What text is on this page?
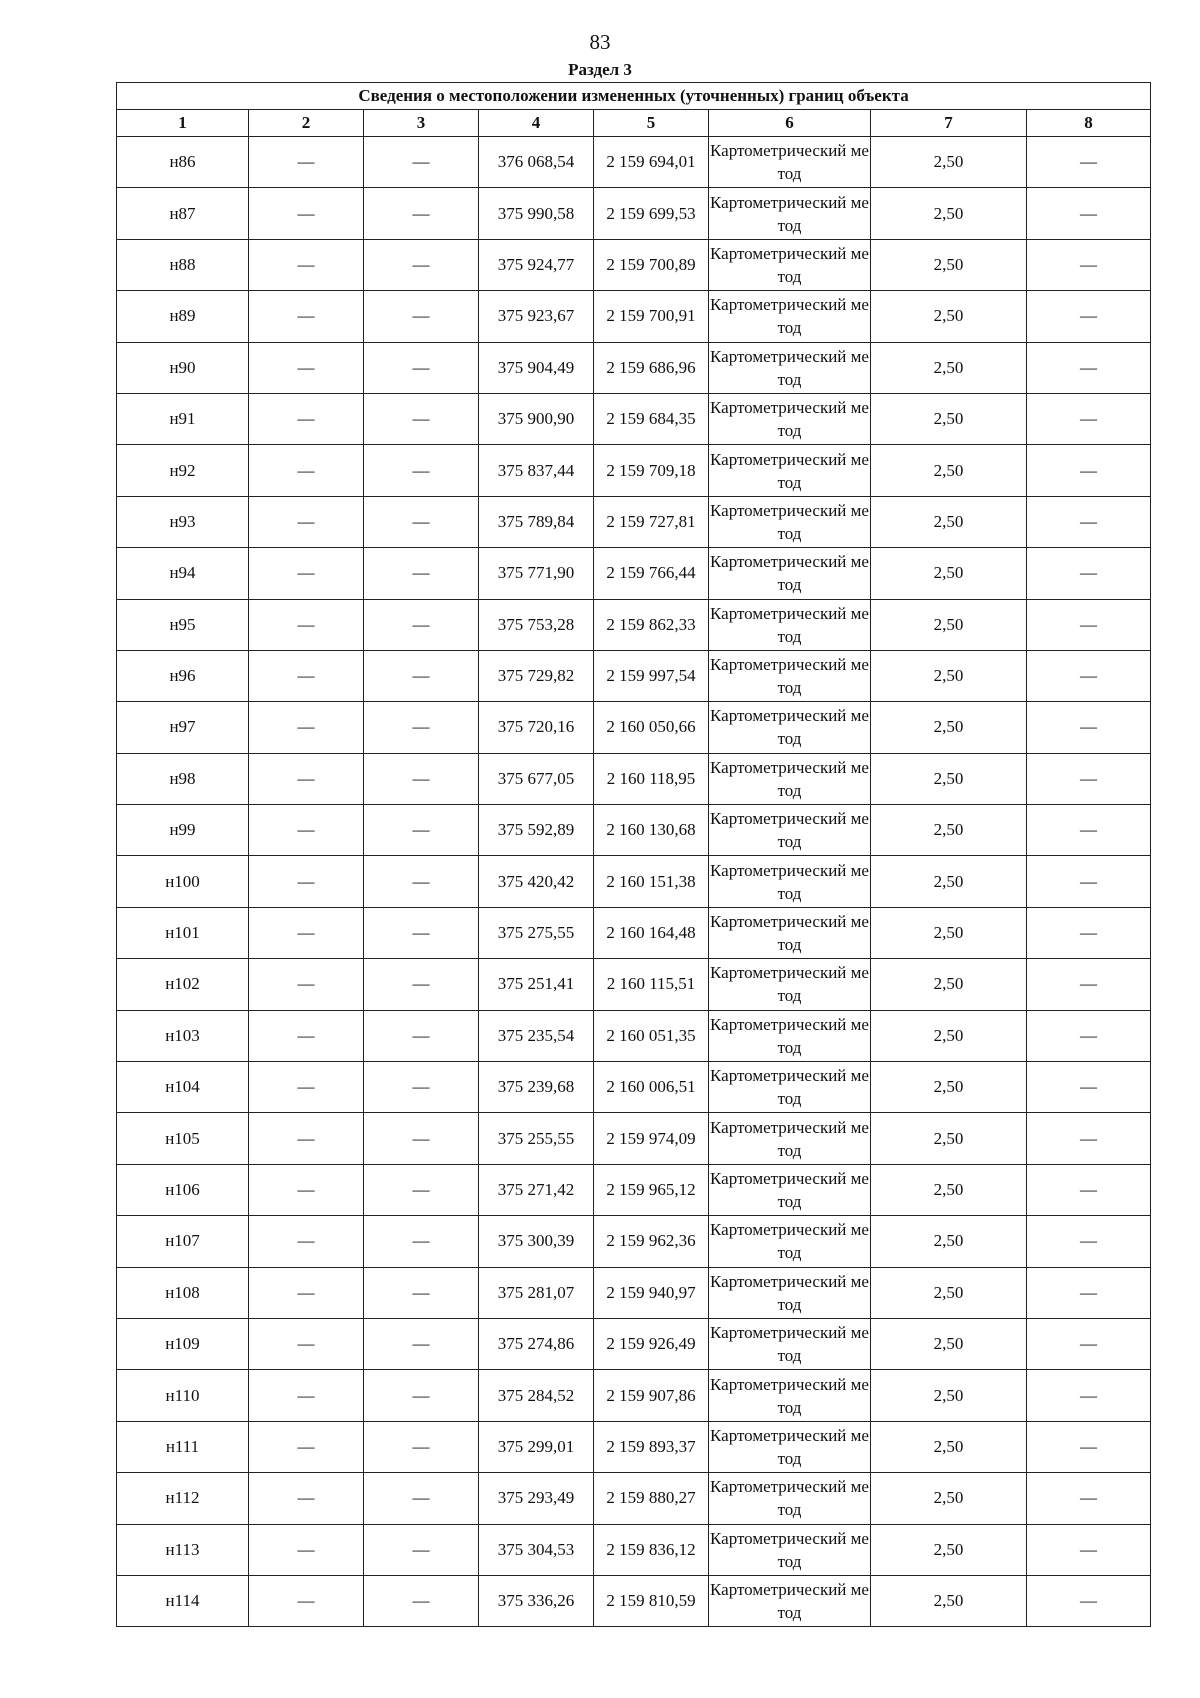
83
Раздел 3
Сведения о местоположении измененных (уточненных) границ объекта							
1	2	3	4	5	6	7	8
н86	—	—	376 068,54	2 159 694,01	Картометрический метод	2,50	—
н87	—	—	375 990,58	2 159 699,53	Картометрический метод	2,50	—
н88	—	—	375 924,77	2 159 700,89	Картометрический метод	2,50	—
н89	—	—	375 923,67	2 159 700,91	Картометрический метод	2,50	—
н90	—	—	375 904,49	2 159 686,96	Картометрический метод	2,50	—
н91	—	—	375 900,90	2 159 684,35	Картометрический метод	2,50	—
н92	—	—	375 837,44	2 159 709,18	Картометрический метод	2,50	—
н93	—	—	375 789,84	2 159 727,81	Картометрический метод	2,50	—
н94	—	—	375 771,90	2 159 766,44	Картометрический метод	2,50	—
н95	—	—	375 753,28	2 159 862,33	Картометрический метод	2,50	—
н96	—	—	375 729,82	2 159 997,54	Картометрический метод	2,50	—
н97	—	—	375 720,16	2 160 050,66	Картометрический метод	2,50	—
н98	—	—	375 677,05	2 160 118,95	Картометрический метод	2,50	—
н99	—	—	375 592,89	2 160 130,68	Картометрический метод	2,50	—
н100	—	—	375 420,42	2 160 151,38	Картометрический метод	2,50	—
н101	—	—	375 275,55	2 160 164,48	Картометрический метод	2,50	—
н102	—	—	375 251,41	2 160 115,51	Картометрический метод	2,50	—
н103	—	—	375 235,54	2 160 051,35	Картометрический метод	2,50	—
н104	—	—	375 239,68	2 160 006,51	Картометрический метод	2,50	—
н105	—	—	375 255,55	2 159 974,09	Картометрический метод	2,50	—
н106	—	—	375 271,42	2 159 965,12	Картометрический метод	2,50	—
н107	—	—	375 300,39	2 159 962,36	Картометрический метод	2,50	—
н108	—	—	375 281,07	2 159 940,97	Картометрический метод	2,50	—
н109	—	—	375 274,86	2 159 926,49	Картометрический метод	2,50	—
н110	—	—	375 284,52	2 159 907,86	Картометрический метод	2,50	—
н111	—	—	375 299,01	2 159 893,37	Картометрический метод	2,50	—
н112	—	—	375 293,49	2 159 880,27	Картометрический метод	2,50	—
н113	—	—	375 304,53	2 159 836,12	Картометрический метод	2,50	—
н114	—	—	375 336,26	2 159 810,59	Картометрический метод	2,50	—
